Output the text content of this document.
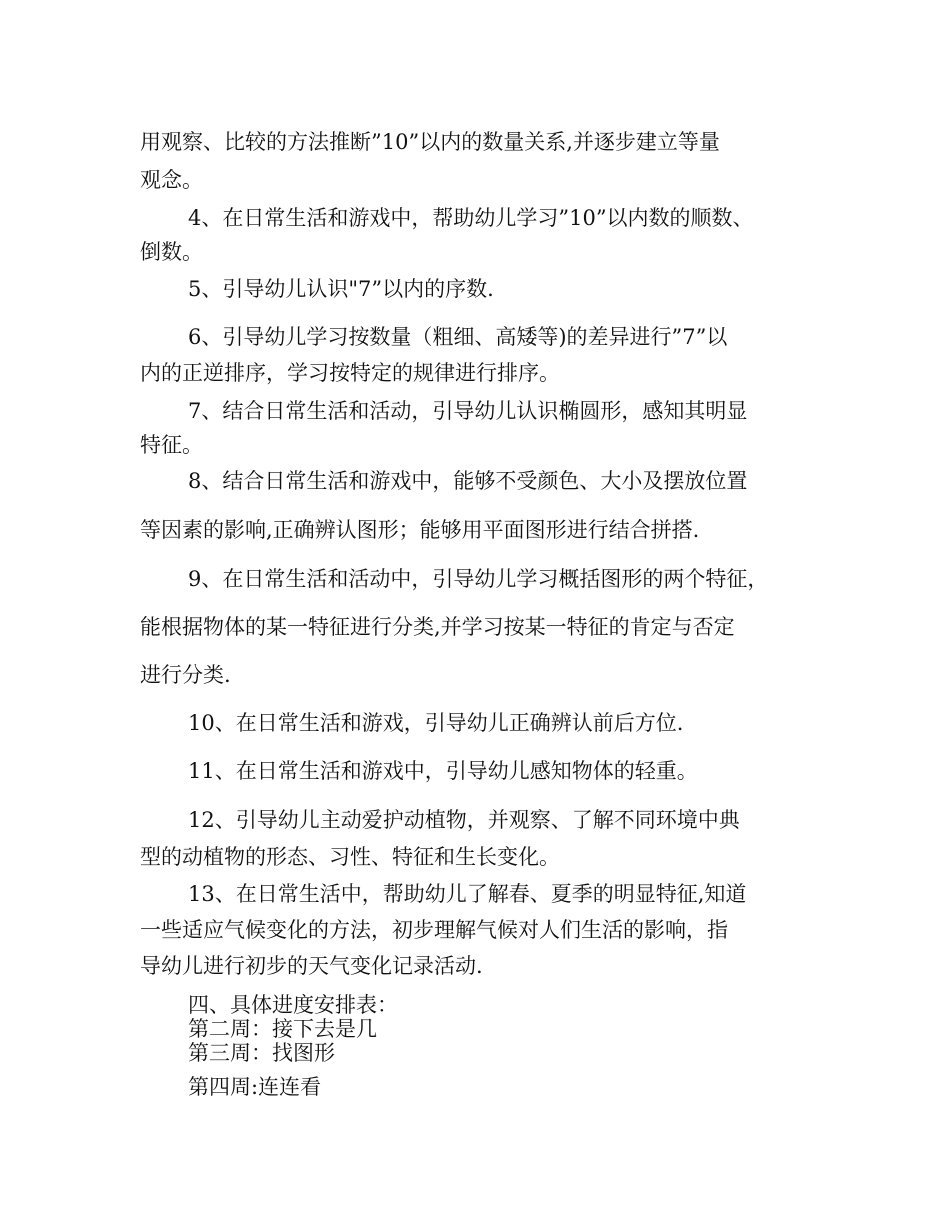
用观察、比较的方法推断”10”以内的数量关系,并逐步建立等量

观念。

4、在日常生活和游戏中，帮助幼儿学习”10”以内数的顺数、

倒数。

5、引导幼儿认识"7”以内的序数.

6、引导幼儿学习按数量（粗细、高矮等)的差异进行”7”以

内的正逆排序，学习按特定的规律进行排序。

7、结合日常生活和活动，引导幼儿认识椭圆形，感知其明显

特征。

8、结合日常生活和游戏中，能够不受颜色、大小及摆放位置

等因素的影响,正确辨认图形；能够用平面图形进行结合拼搭.

9、在日常生活和活动中，引导幼儿学习概括图形的两个特征，

能根据物体的某一特征进行分类,并学习按某一特征的肯定与否定

进行分类.

10、在日常生活和游戏，引导幼儿正确辨认前后方位.

11、在日常生活和游戏中，引导幼儿感知物体的轻重。

12、引导幼儿主动爱护动植物，并观察、了解不同环境中典

型的动植物的形态、习性、特征和生长变化。

13、在日常生活中，帮助幼儿了解春、夏季的明显特征,知道

一些适应气候变化的方法，初步理解气候对人们生活的影响，指

导幼儿进行初步的天气变化记录活动.

四、具体进度安排表：

第二周：接下去是几

第三周：找图形

第四周:连连看
